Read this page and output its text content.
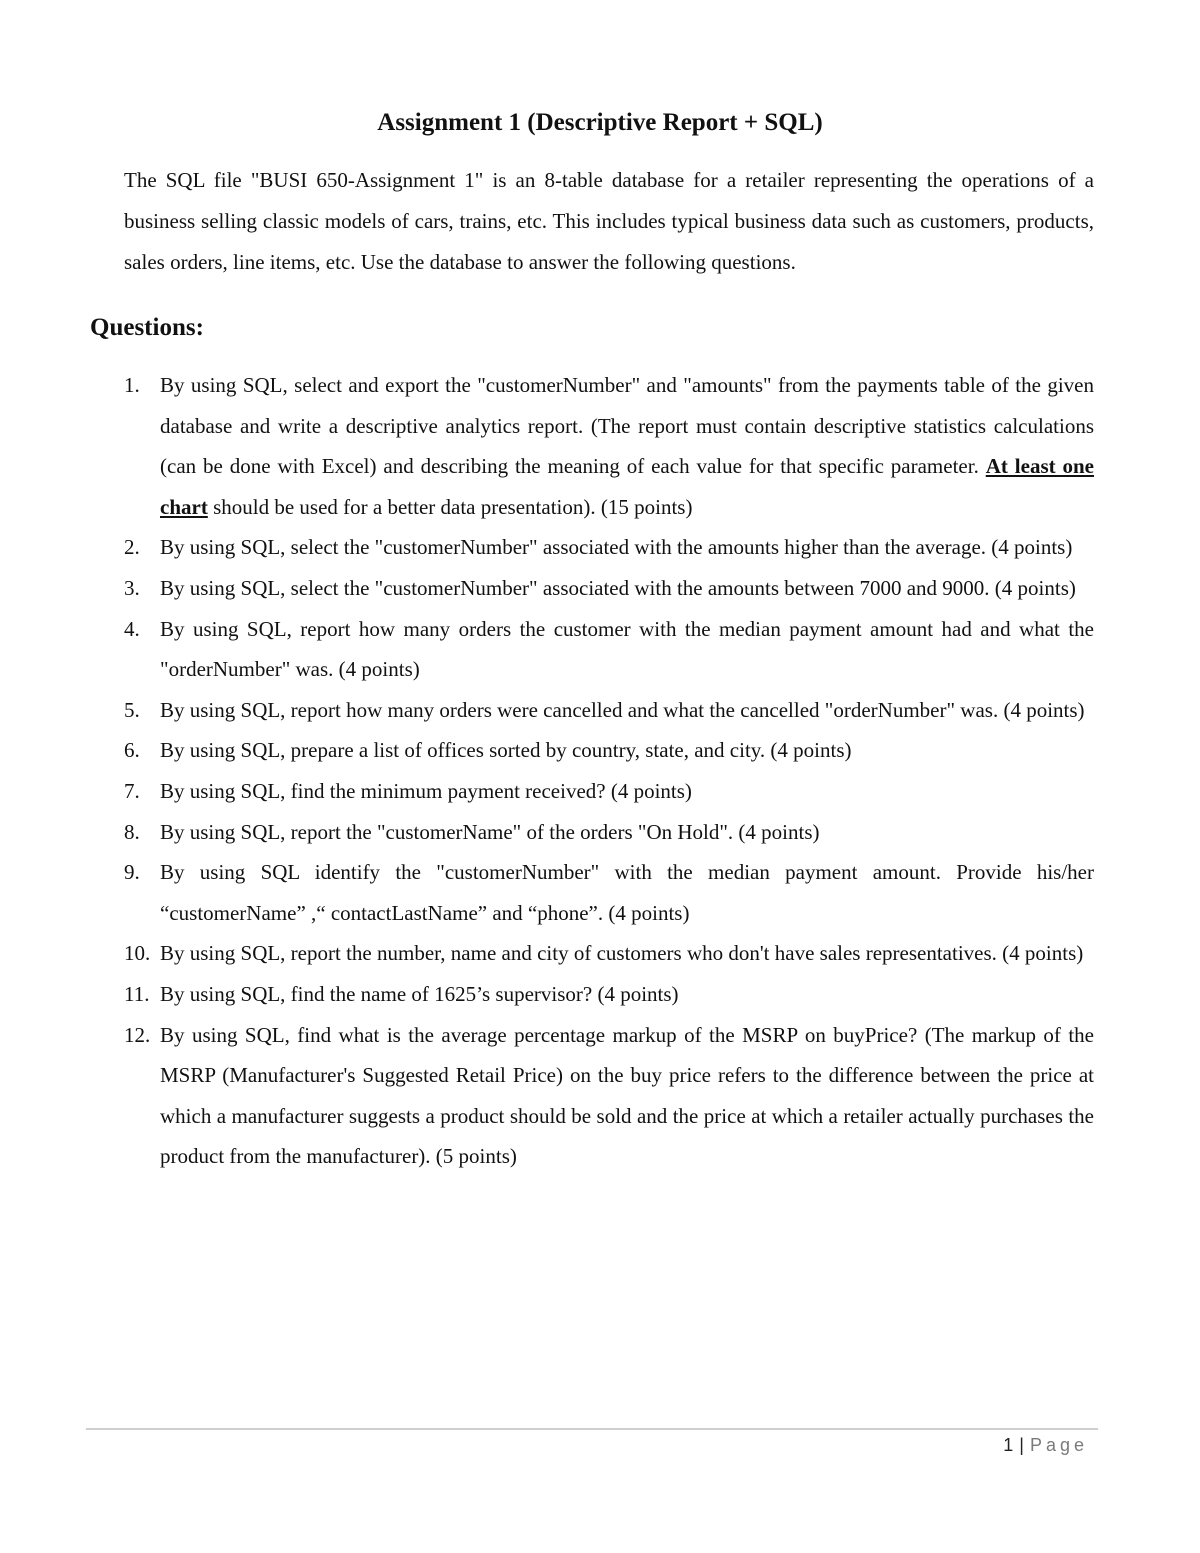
Assignment 1 (Descriptive Report + SQL)
The SQL file "BUSI 650-Assignment 1" is an 8-table database for a retailer representing the operations of a business selling classic models of cars, trains, etc. This includes typical business data such as customers, products, sales orders, line items, etc. Use the database to answer the following questions.
Questions:
1. By using SQL, select and export the "customerNumber" and "amounts" from the payments table of the given database and write a descriptive analytics report. (The report must contain descriptive statistics calculations (can be done with Excel) and describing the meaning of each value for that specific parameter. At least one chart should be used for a better data presentation). (15 points)
2. By using SQL, select the "customerNumber" associated with the amounts higher than the average. (4 points)
3. By using SQL, select the "customerNumber" associated with the amounts between 7000 and 9000. (4 points)
4. By using SQL, report how many orders the customer with the median payment amount had and what the "orderNumber" was. (4 points)
5. By using SQL, report how many orders were cancelled and what the cancelled "orderNumber" was. (4 points)
6. By using SQL, prepare a list of offices sorted by country, state, and city. (4 points)
7. By using SQL, find the minimum payment received? (4 points)
8. By using SQL, report the "customerName" of the orders "On Hold". (4 points)
9. By using SQL identify the "customerNumber" with the median payment amount. Provide his/her “customerName” ,“ contactLastName” and “phone”. (4 points)
10. By using SQL, report the number, name and city of customers who don't have sales representatives. (4 points)
11. By using SQL, find the name of 1625’s supervisor? (4 points)
12. By using SQL, find what is the average percentage markup of the MSRP on buyPrice? (The markup of the MSRP (Manufacturer's Suggested Retail Price) on the buy price refers to the difference between the price at which a manufacturer suggests a product should be sold and the price at which a retailer actually purchases the product from the manufacturer). (5 points)
1 | Page
